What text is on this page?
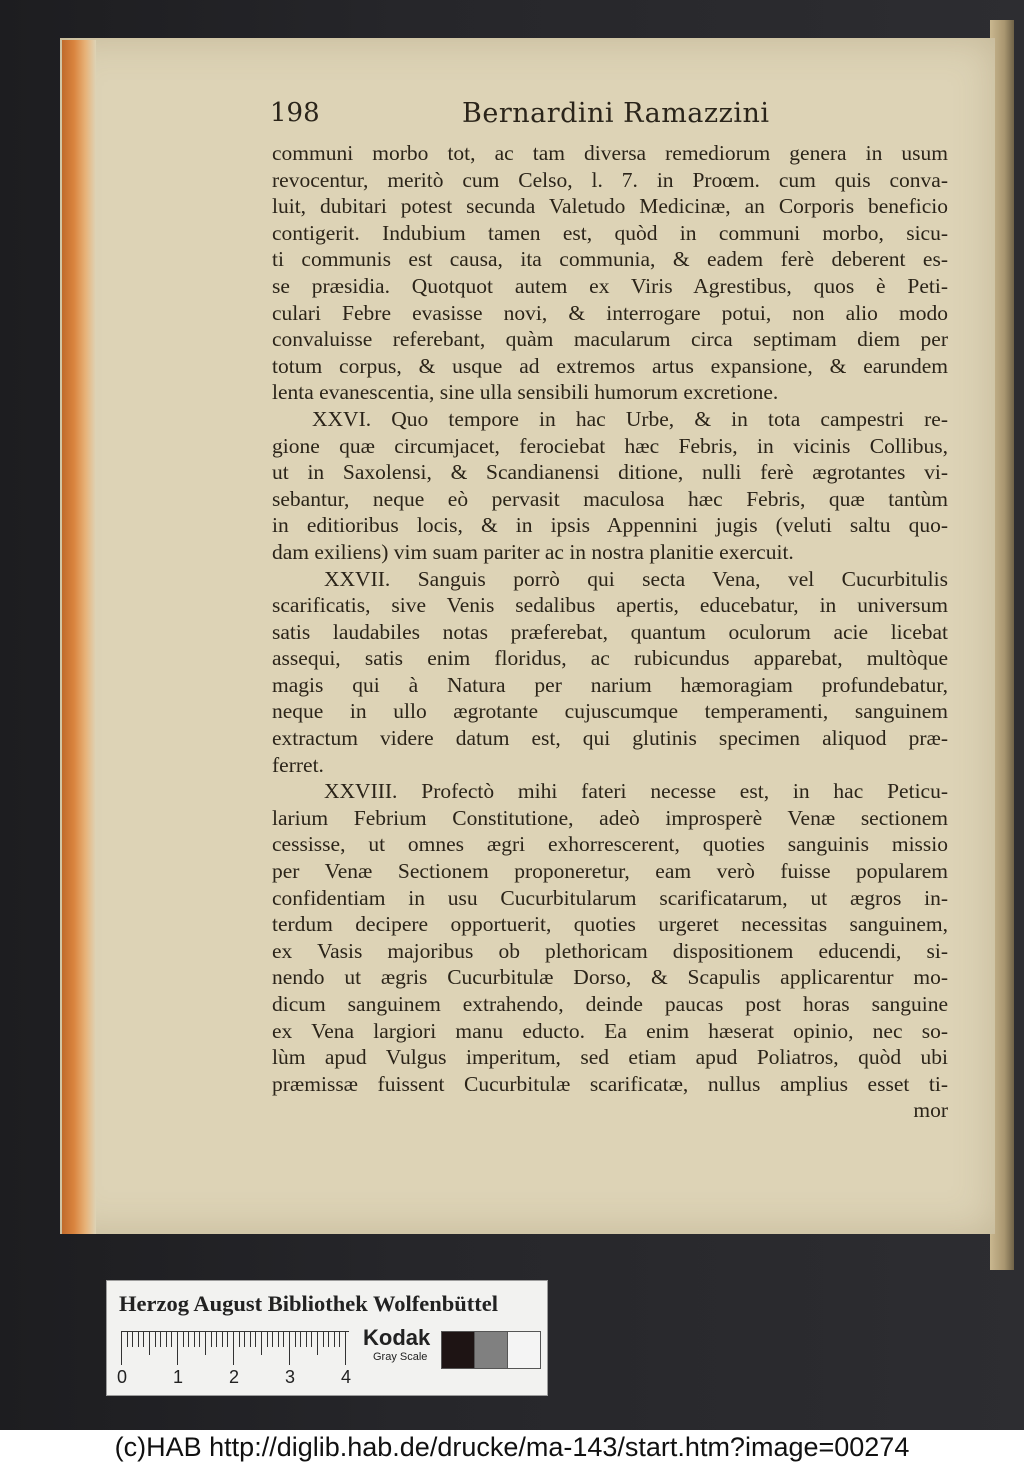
198	Bernardini Ramazzini
communi morbo tot, ac tam diversa remediorum genera in usum
revocentur, meritò cum Celso, l. 7. in Proœm. cum quis conva-
luit, dubitari potest secunda Valetudo Medicinæ, an Corporis beneficio
contigerit. Indubium tamen est, quòd in communi morbo, sicu-
ti communis est causa, ita communia, & eadem ferè deberent es-
se præsidia. Quotquot autem ex Viris Agrestibus, quos è Peti-
culari Febre evasisse novi, & interrogare potui, non alio modo
convaluisse referebant, quàm macularum circa septimam diem per
totum corpus, & usque ad extremos artus expansione, & earundem
lenta evanescentia, sine ulla sensibili humorum excretione.
XXVI. Quo tempore in hac Urbe, & in tota campestri re-
gione quæ circumjacet, ferociebat hæc Febris, in vicinis Collibus,
ut in Saxolensi, & Scandianensi ditione, nulli ferè ægrotantes vi-
sebantur, neque eò pervasit maculosa hæc Febris, quæ tantùm
in editioribus locis, & in ipsis Appennini jugis (veluti saltu quo-
dam exiliens) vim suam pariter ac in nostra planitie exercuit.
XXVII. Sanguis porrò qui secta Vena, vel Cucurbitulis
scarificatis, sive Venis sedalibus apertis, educebatur, in universum
satis laudabiles notas præferebat, quantum oculorum acie licebat
assequi, satis enim floridus, ac rubicundus apparebat, multòque
magis qui à Natura per narium hæmoragiam profundebatur,
neque in ullo ægrotante cujuscumque temperamenti, sanguinem
extractum videre datum est, qui glutinis specimen aliquod præ-
ferret.
XXVIII. Profectò mihi fateri necesse est, in hac Peticu-
larium Febrium Constitutione, adeò improsperè Venæ sectionem
cessisse, ut omnes ægri exhorrescerent, quoties sanguinis missio
per Venæ Sectionem proponeretur, eam verò fuisse popularem
confidentiam in usu Cucurbitularum scarificatarum, ut ægros in-
terdum decipere opportuerit, quoties urgeret necessitas sanguinem,
ex Vasis majoribus ob plethoricam dispositionem educendi, si-
nendo ut ægris Cucurbitulæ Dorso, & Scapulis applicarentur mo-
dicum sanguinem extrahendo, deinde paucas post horas sanguine
ex Vena largiori manu educto. Ea enim hæserat opinio, nec so-
lùm apud Vulgus imperitum, sed etiam apud Poliatros, quòd ubi
præmissæ fuissent Cucurbitulæ scarificatæ, nullus amplius esset ti-
mor
Herzog August Bibliothek Wolfenbüttel
Kodak
Gray Scale
0	1	2	3	4
(c)HAB http://diglib.hab.de/drucke/ma-143/start.htm?image=00274
